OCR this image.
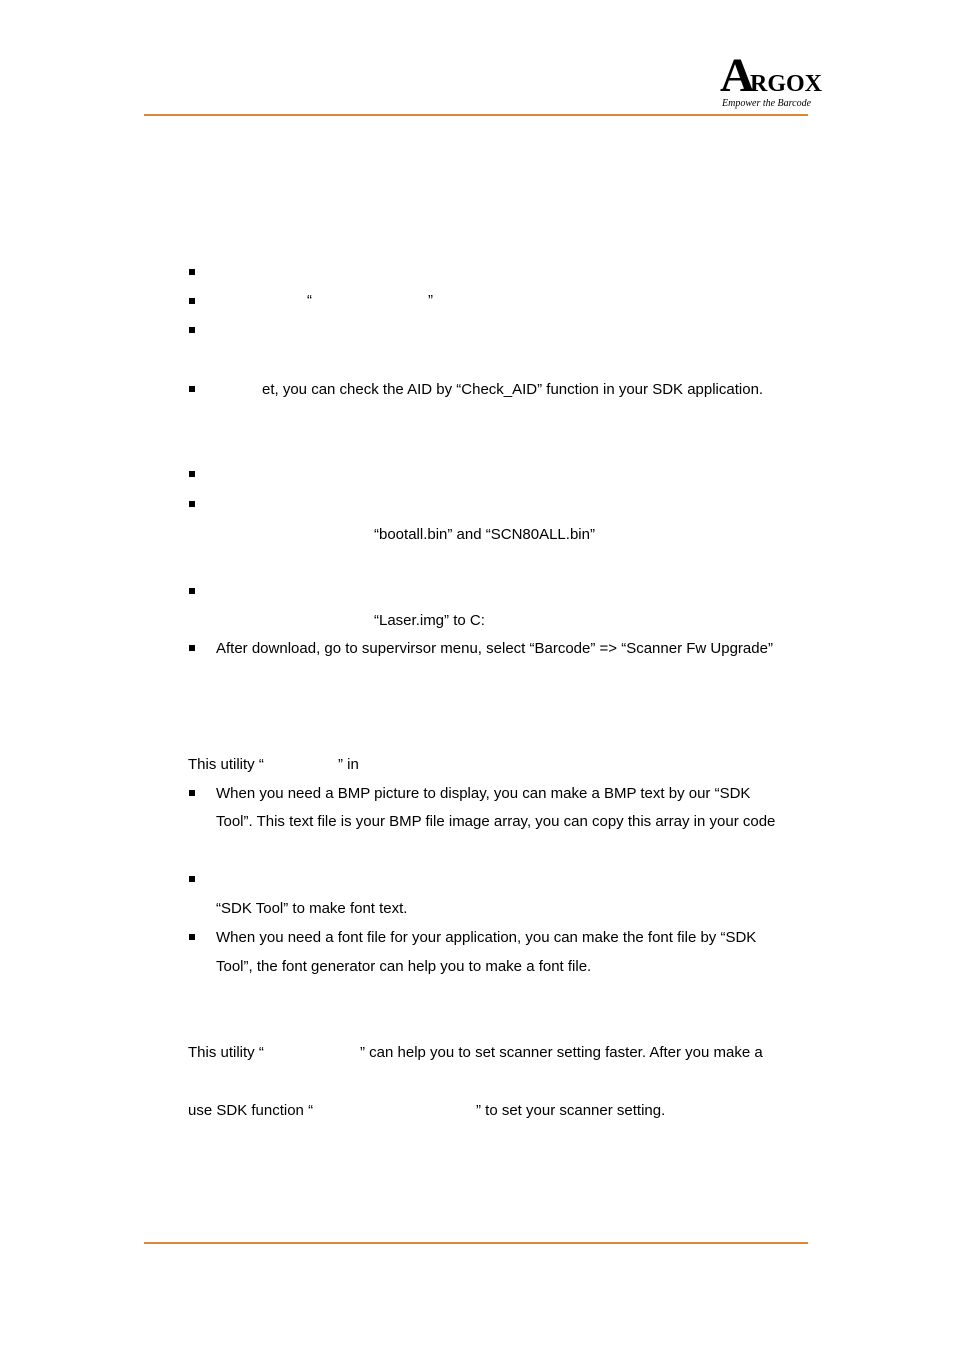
A
RGOX
Empower the Barcode
“	”
et, you can check the AID by “Check_AID” function in your SDK application.
“bootall.bin” and “SCN80ALL.bin”
“Laser.img” to C:
After download, go to supervirsor menu, select “Barcode” => “Scanner Fw Upgrade”
This utility “	” in
When you need a BMP picture to display, you can make a BMP text by our “SDK
Tool”. This text file is your BMP file image array, you can copy this array in your code
“SDK Tool” to make font text.
When you need a font file for your application, you can make the font file by “SDK
Tool”, the font generator can help you to make a font file.
This utility “	” can help you to set scanner setting faster. After you make a
use SDK function “	” to set your scanner setting.
